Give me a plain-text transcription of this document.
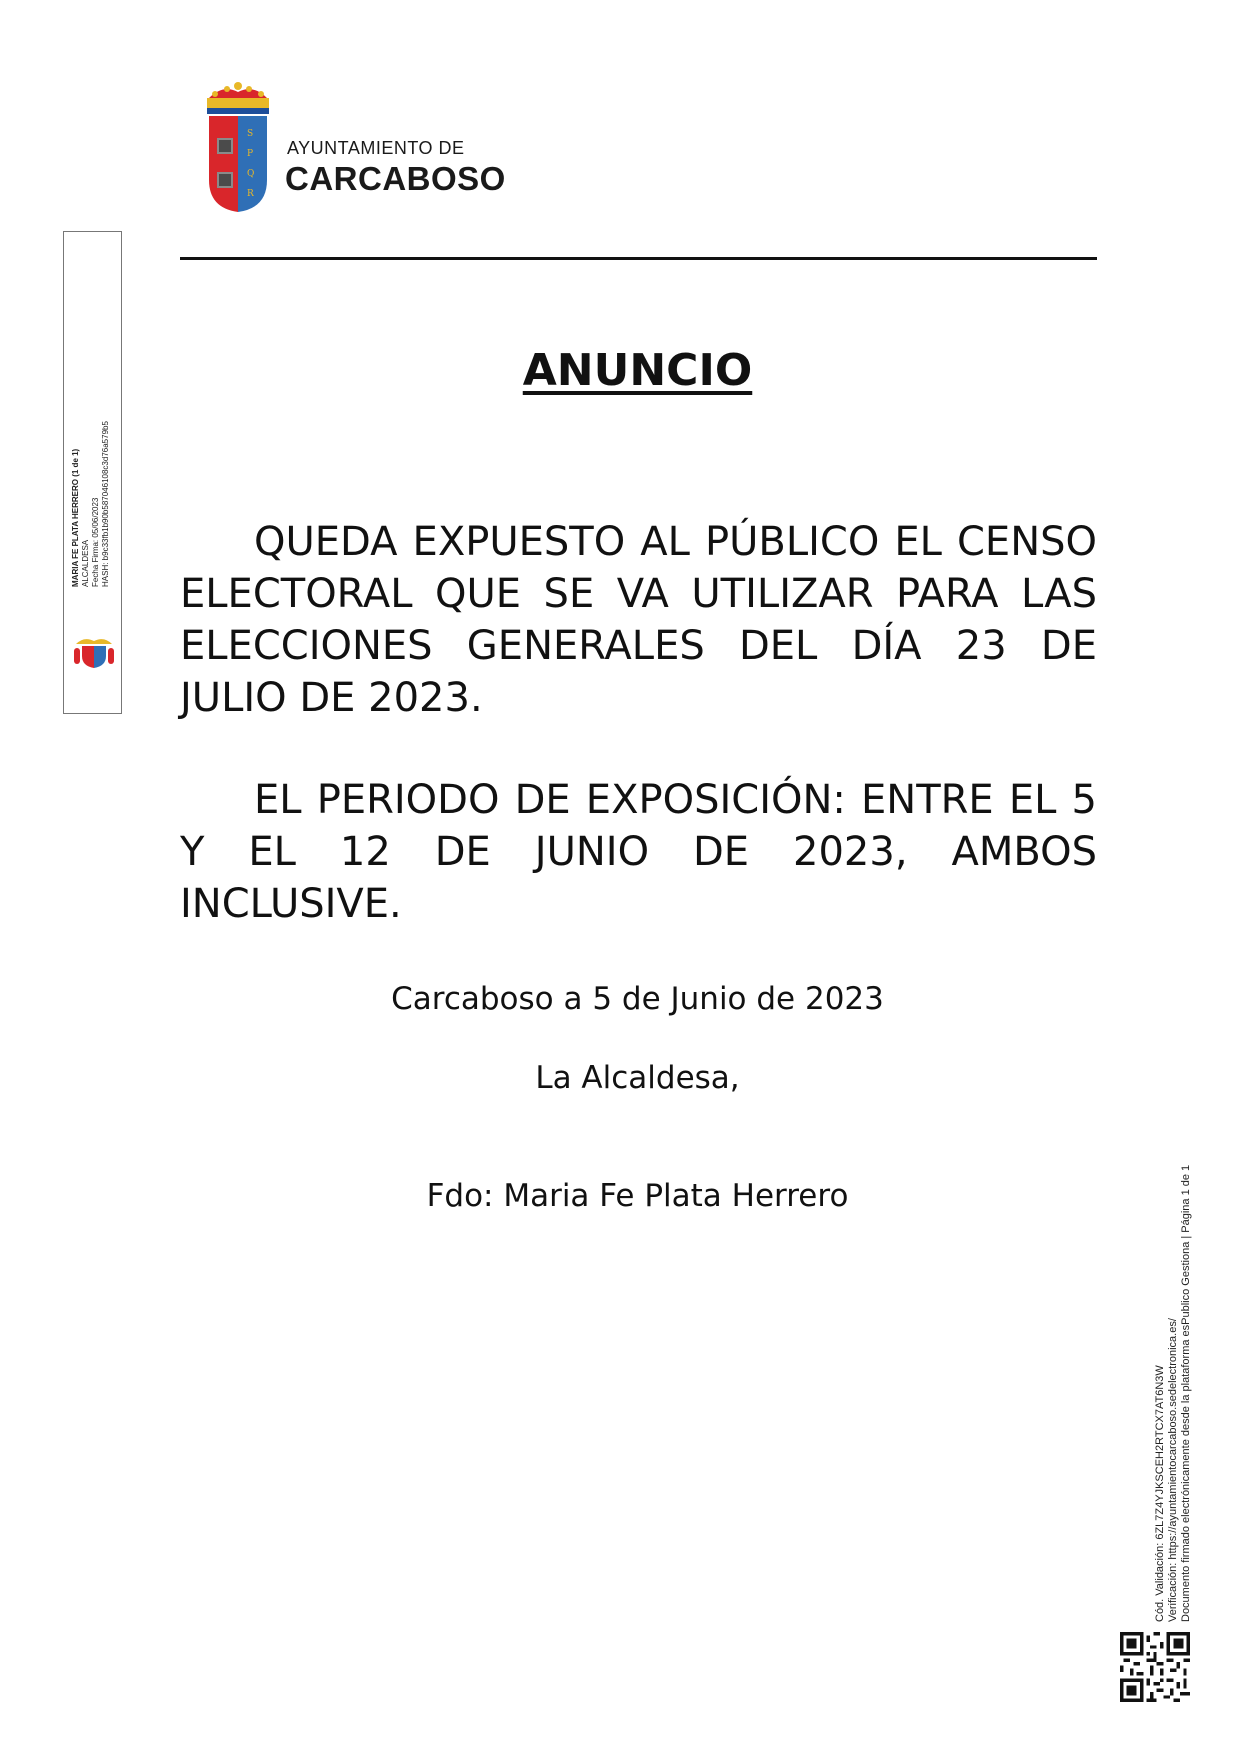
S
P
Q
R
AYUNTAMIENTO DE
CARCABOSO
MARIA FE PLATA HERRERO (1 de 1) ALCALDESA Fecha Firma: 05/06/2023 HASH: b9c33fb1b90b587046108c3d76a579b5
ANUNCIO

QUEDA EXPUESTO AL PÚBLICO EL CENSO ELECTORAL QUE SE VA UTILIZAR PARA LAS ELECCIONES GENERALES DEL DÍA 23 DE JULIO DE 2023.

EL PERIODO DE EXPOSICIÓN: ENTRE EL 5 Y EL 12 DE JUNIO DE 2023, AMBOS INCLUSIVE.

Carcaboso a 5 de Junio de 2023

La Alcaldesa,

Fdo: Maria Fe Plata Herrero

Cód. Validación: 6ZL7Z4YJKSCEH2RTCX7AT6N3W Verificación: https://ayuntamientocarcaboso.sedelectronica.es/ Documento firmado electrónicamente desde la plataforma esPublico Gestiona | Página 1 de 1
